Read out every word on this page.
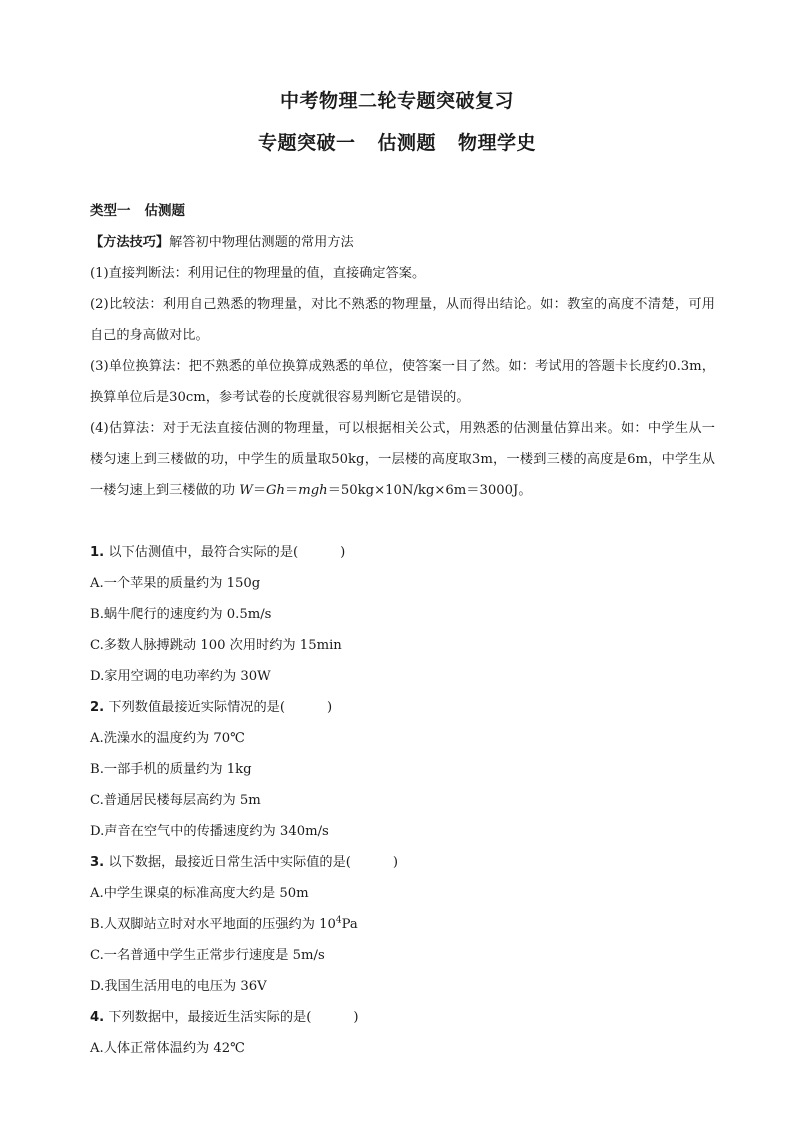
中考物理二轮专题突破复习
专题突破一 估测题 物理学史

类型一 估测题

【方法技巧】解答初中物理估测题的常用方法

(1)直接判断法：利用记住的物理量的值，直接确定答案。

(2)比较法：利用自己熟悉的物理量，对比不熟悉的物理量，从而得出结论。如：教室的高度不清楚，可用自己的身高做对比。

(3)单位换算法：把不熟悉的单位换算成熟悉的单位，使答案一目了然。如：考试用的答题卡长度约0.3m，换算单位后是30cm，参考试卷的长度就很容易判断它是错误的。

(4)估算法：对于无法直接估测的物理量，可以根据相关公式，用熟悉的估测量估算出来。如：中学生从一楼匀速上到三楼做的功，中学生的质量取50kg，一层楼的高度取3m，一楼到三楼的高度是6m，中学生从一楼匀速上到三楼做的功 W＝Gh＝mgh＝50kg×10N/kg×6m＝3000J。

1. 以下估测值中，最符合实际的是(	)

A.一个苹果的质量约为 150g

B.蜗牛爬行的速度约为 0.5m/s

C.多数人脉搏跳动 100 次用时约为 15min

D.家用空调的电功率约为 30W

2. 下列数值最接近实际情况的是(	)

A.洗澡水的温度约为 70℃

B.一部手机的质量约为 1kg

C.普通居民楼每层高约为 5m

D.声音在空气中的传播速度约为 340m/s

3. 以下数据，最接近日常生活中实际值的是(	)

A.中学生课桌的标准高度大约是 50m

B.人双脚站立时对水平地面的压强约为 $10^4Pa$

C.一名普通中学生正常步行速度是 5m/s

D.我国生活用电的电压为 36V

4. 下列数据中，最接近生活实际的是(	)

A.人体正常体温约为 42℃
